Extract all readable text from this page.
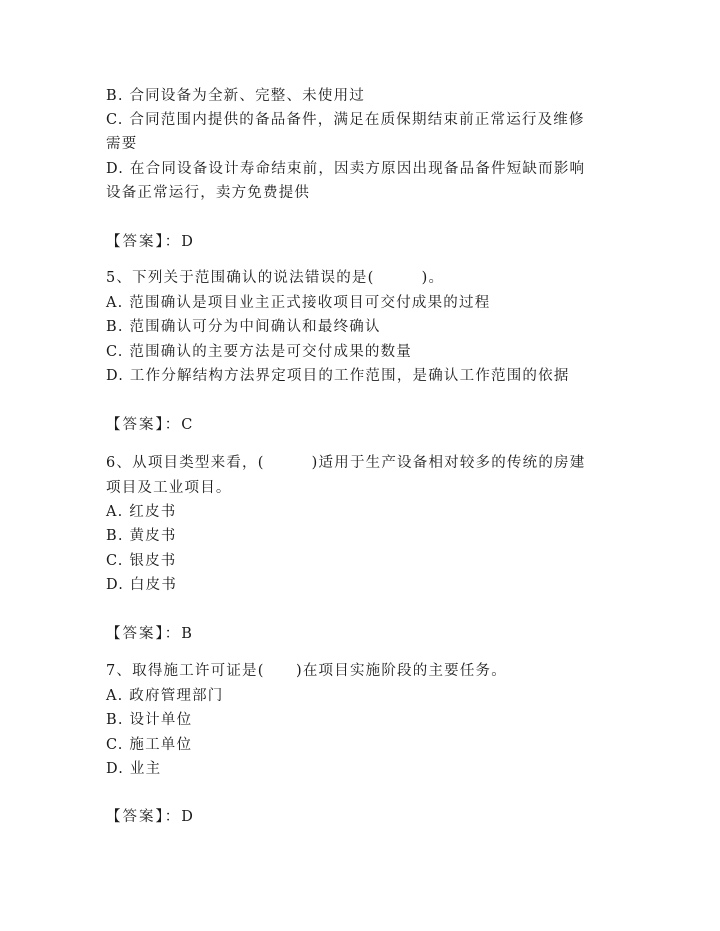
B. 合同设备为全新、完整、未使用过
C. 合同范围内提供的备品备件，满足在质保期结束前正常运行及维修
需要
D. 在合同设备设计寿命结束前，因卖方原因出现备品备件短缺而影响
设备正常运行，卖方免费提供
【答案】：D
5、下列关于范围确认的说法错误的是(　　　)。
A. 范围确认是项目业主正式接收项目可交付成果的过程
B. 范围确认可分为中间确认和最终确认
C. 范围确认的主要方法是可交付成果的数量
D. 工作分解结构方法界定项目的工作范围，是确认工作范围的依据
【答案】：C
6、从项目类型来看，(　　　)适用于生产设备相对较多的传统的房建
项目及工业项目。
A. 红皮书
B. 黄皮书
C. 银皮书
D. 白皮书
【答案】：B
7、取得施工许可证是(　　)在项目实施阶段的主要任务。
A. 政府管理部门
B. 设计单位
C. 施工单位
D. 业主
【答案】：D
